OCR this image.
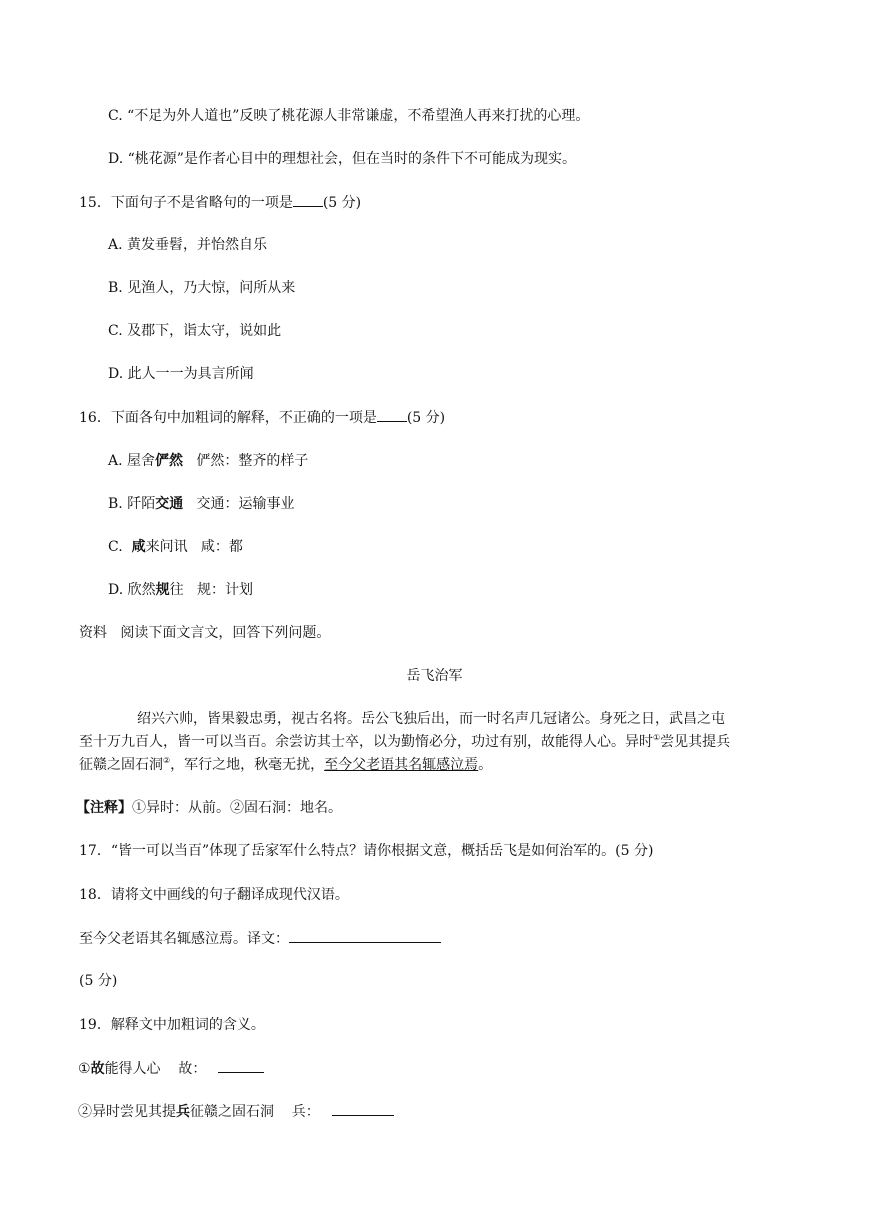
C. “不足为外人道也”反映了桃花源人非常谦虚，不希望渔人再来打扰的心理。
D. “桃花源”是作者心目中的理想社会，但在当时的条件下不可能成为现实。
15．下面句子不是省略句的一项是 (5 分)
A. 黄发垂髫，并怡然自乐
B. 见渔人，乃大惊，问所从来
C. 及郡下，诣太守，说如此
D. 此人一一为具言所闻
16．下面各句中加粗词的解释，不正确的一项是 (5 分)
A. 屋舍俨然   俨然：整齐的样子
B. 阡陌交通   交通：运输事业
C.  咸来问讯   咸：都
D. 欣然规往   规：计划
资料   阅读下面文言文，回答下列问题。
岳飞治军
绍兴六帅，皆果毅忠勇，视古名将。岳公飞独后出，而一时名声几冠诸公。身死之日，武昌之屯
至十万九百人，皆一可以当百。余尝访其士卒，以为勤惰必分，功过有别，故能得人心。异时①尝见其提兵
征赣之固石洞②，军行之地，秋毫无扰，至今父老语其名辄感泣焉。
【注释】①异时：从前。②固石洞：地名。
17．“皆一可以当百”体现了岳家军什么特点？请你根据文意，概括岳飞是如何治军的。(5 分)
18．请将文中画线的句子翻译成现代汉语。
至今父老语其名辄感泣焉。译文：
(5 分)
19．解释文中加粗词的含义。
①故能得人心    故：
②异时尝见其提兵征赣之固石洞    兵：
